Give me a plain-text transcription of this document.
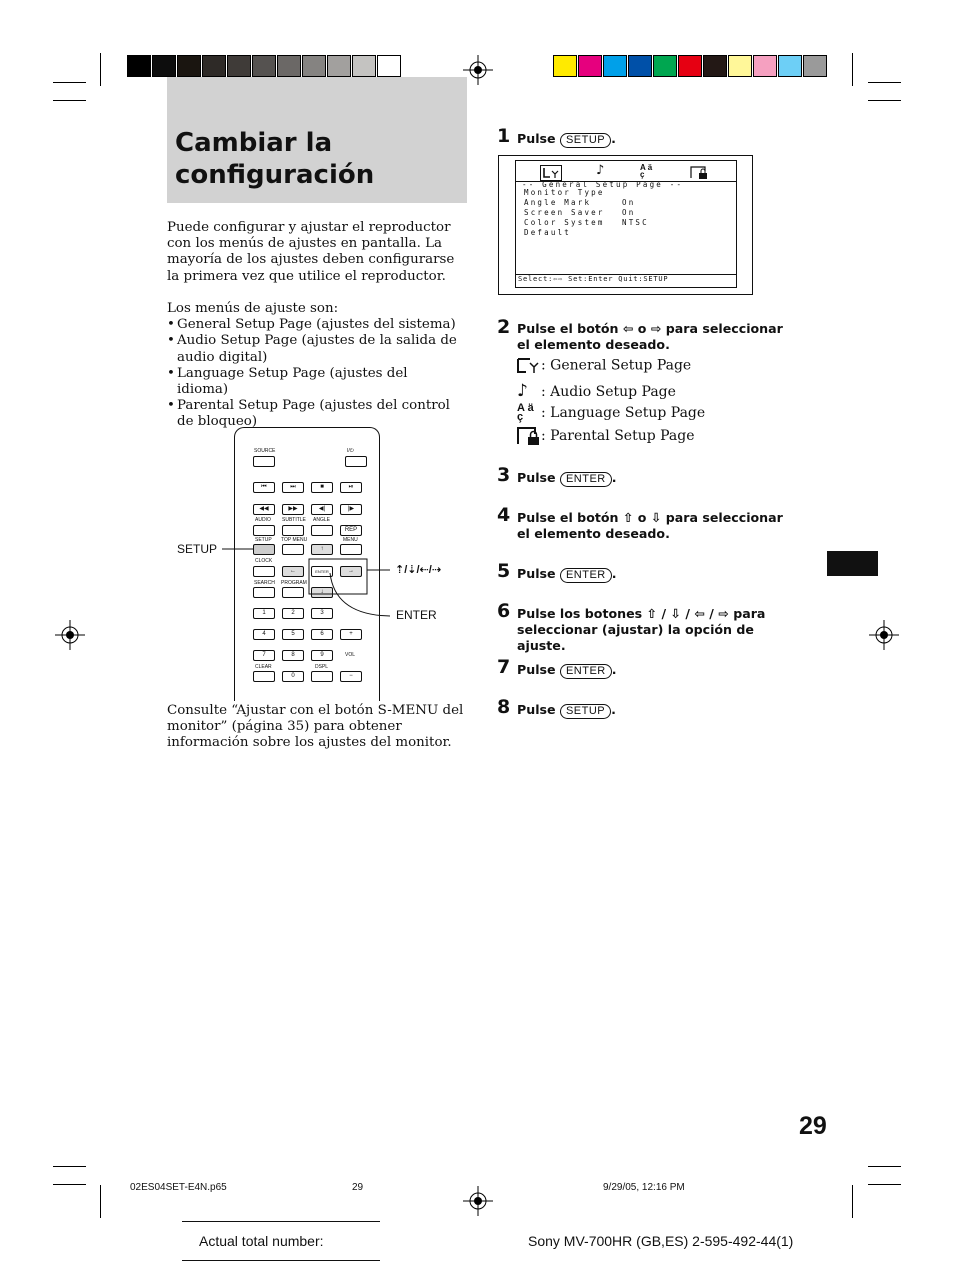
Cambiar la
configuración
Puede configurar y ajustar el reproductor con los menús de ajustes en pantalla. La mayoría de los ajustes deben configurarse la primera vez que utilice el reproductor.
Los menús de ajuste son:
• General Setup Page (ajustes del sistema)
• Audio Setup Page (ajustes de la salida de audio digital)
• Language Setup Page (ajustes del idioma)
• Parental Setup Page (ajustes del control de bloqueo)
SOURCE	I/⏻
⏮	⏭	■	⏯
◀◀	▶▶	◀|	|▶
AUDIO SUBTITLE ANGLE
REP
SETUP TOP MENU	MENU
↑
CLOCK
←	ENTER	→
SEARCH PROGRAM
↓
1	2	3
4	5	6	+
7	8	9	VOL
CLEAR	DSPL
0	−
SETUP
ENTER
⇡/⇣/⇠/⇢
Consulte “Ajustar con el botón S-MENU del monitor” (página 35) para obtener información sobre los ajustes del monitor.
1 Pulse SETUP .
♪	A ä
ç
-- General Setup Page --
Monitor Type
Angle Mark	On
Screen Saver On
Color System NTSC
Default
Select:⇦⇨ Set:Enter Quit:SETUP
2 Pulse el botón ⇦ o ⇨ para seleccionar el elemento deseado.
: General Setup Page
♪ : Audio Setup Page
A ä
ç : Language Setup Page
: Parental Setup Page
3 Pulse ENTER .
4 Pulse el botón ⇧ o ⇩ para seleccionar el elemento deseado.
5 Pulse ENTER .
6 Pulse los botones ⇧ / ⇩ / ⇦ / ⇨ para seleccionar (ajustar) la opción de ajuste.
7 Pulse ENTER .
8 Pulse SETUP .
29
02ES04SET-E4N.p65	29	9/29/05, 12:16 PM
Actual total number:	Sony MV-700HR (GB,ES) 2-595-492-44(1)
